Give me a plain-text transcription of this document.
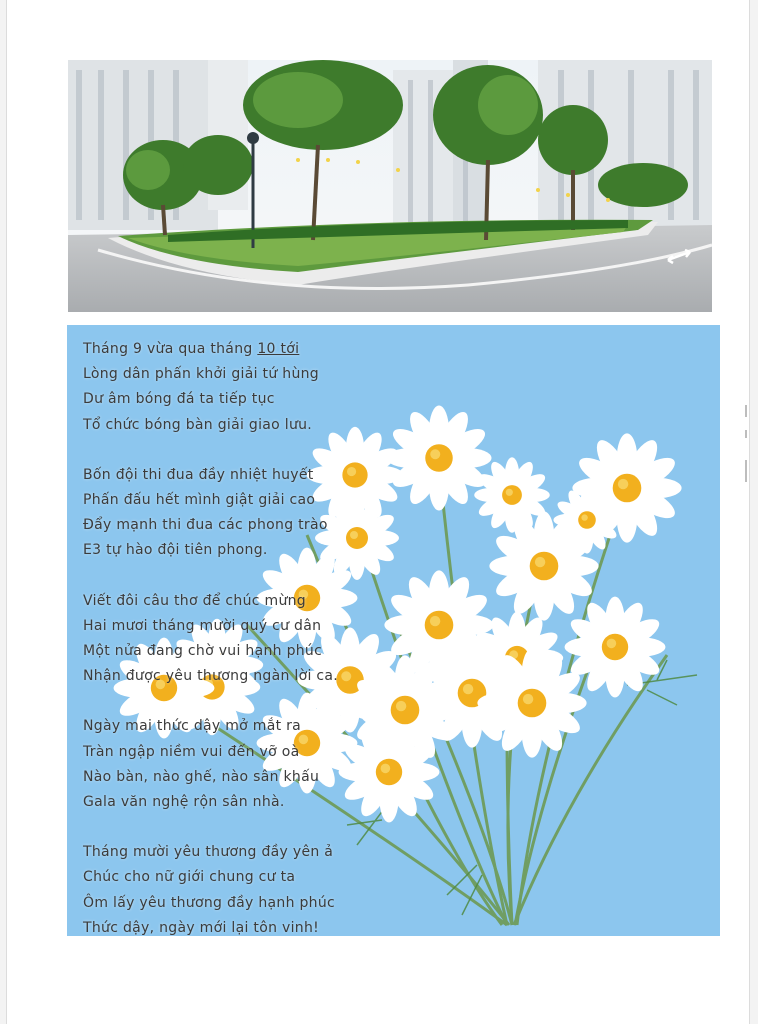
Tháng 9 vừa qua tháng 10 tới
Lòng dân phấn khởi giải tứ hùng
Dư âm bóng đá ta tiếp tục
Tổ chức bóng bàn giải giao lưu.
Bốn đội thi đua đầy nhiệt huyết
Phấn đấu hết mình giật giải cao
Đẩy mạnh thi đua các phong trào
E3 tự hào đội tiên phong.
Viết đôi câu thơ để chúc mừng
Hai mươi tháng mười quý cư dân
Một nửa đang chờ vui hạnh phúc
Nhận được yêu thương ngàn lời ca.
Ngày mai thức dậy mở mắt ra
Tràn ngập niềm vui đến vỡ oà
Nào bàn, nào ghế, nào sân khấu
Gala văn nghệ rộn sân nhà.
Tháng mười yêu thương đầy yên ả
Chúc cho nữ giới chung cư ta
Ôm lấy yêu thương đầy hạnh phúc
Thức dậy, ngày mới lại tôn vinh!
